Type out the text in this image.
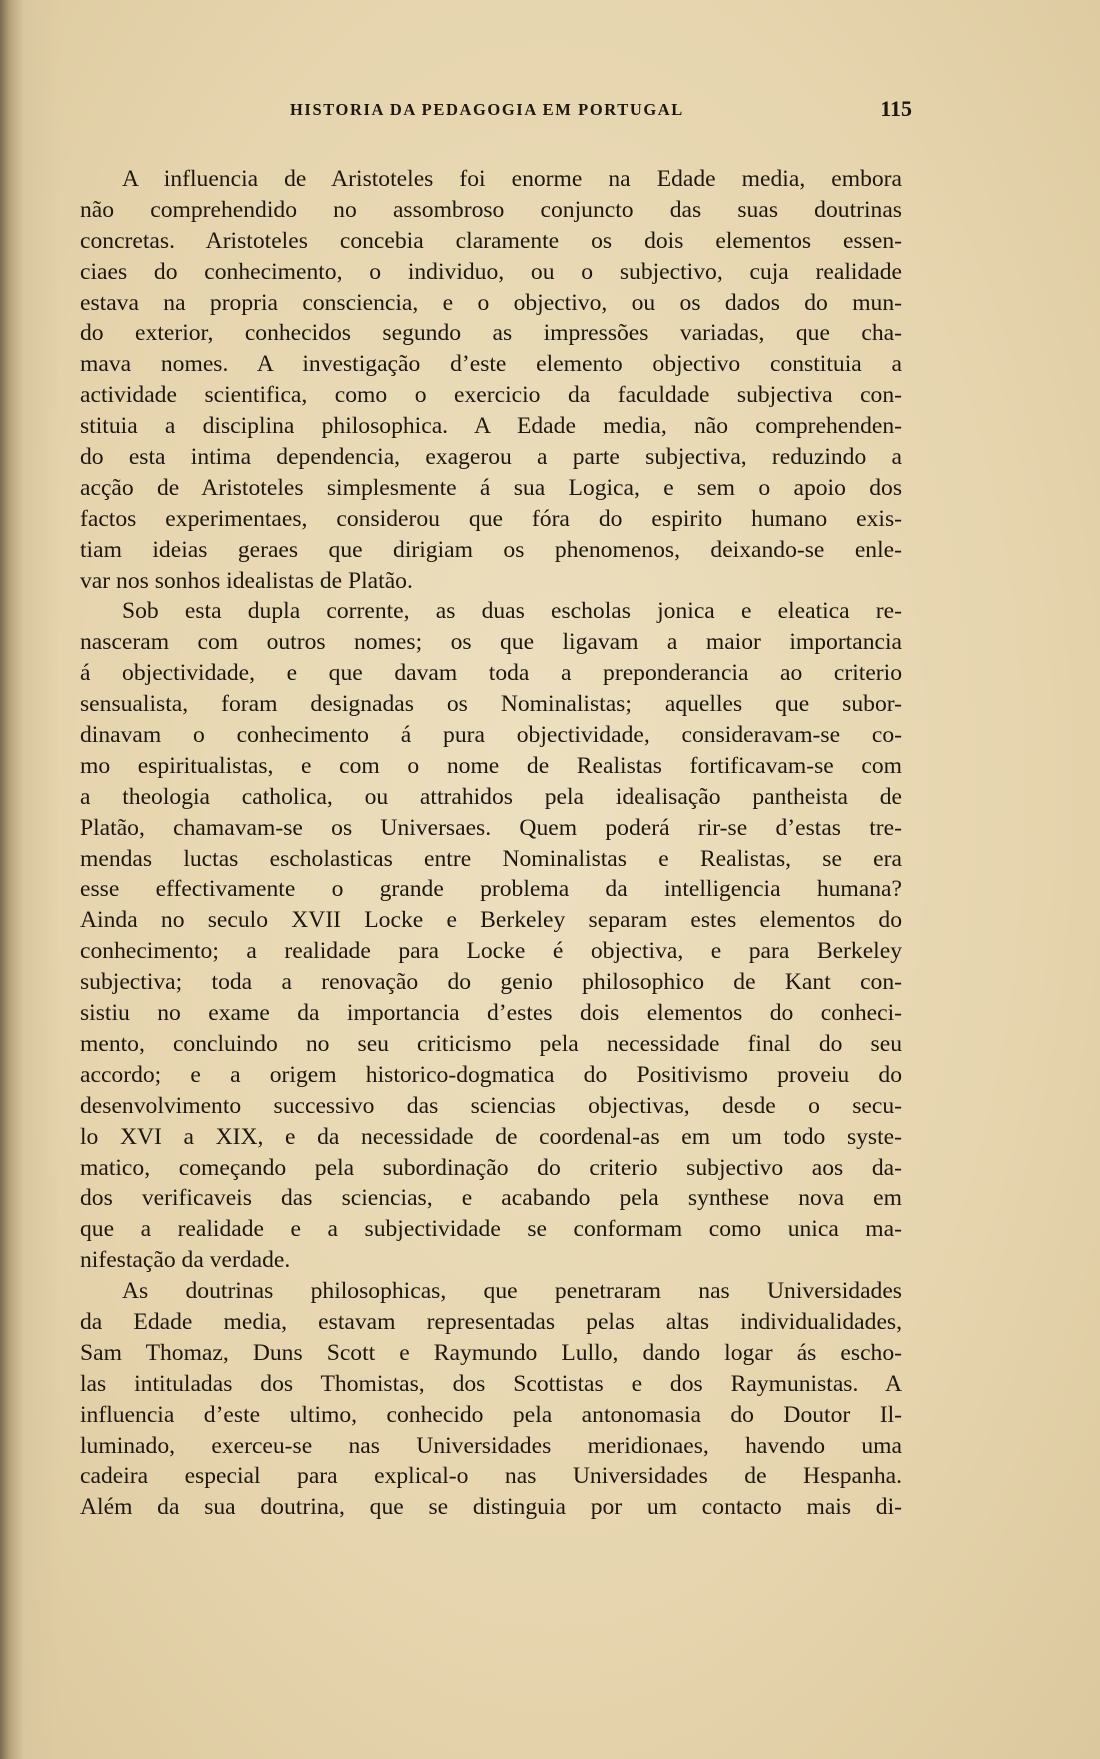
HISTORIA DA PEDAGOGIA EM PORTUGAL	115
A influencia de Aristoteles foi enorme na Edade media, embora
não comprehendido no assombroso conjuncto das suas doutrinas
concretas. Aristoteles concebia claramente os dois elementos essen-
ciaes do conhecimento, o individuo, ou o subjectivo, cuja realidade
estava na propria consciencia, e o objectivo, ou os dados do mun-
do exterior, conhecidos segundo as impressões variadas, que cha-
mava nomes. A investigação d’este elemento objectivo constituia a
actividade scientifica, como o exercicio da faculdade subjectiva con-
stituia a disciplina philosophica. A Edade media, não comprehenden-
do esta intima dependencia, exagerou a parte subjectiva, reduzindo a
acção de Aristoteles simplesmente á sua Logica, e sem o apoio dos
factos experimentaes, considerou que fóra do espirito humano exis-
tiam ideias geraes que dirigiam os phenomenos, deixando-se enle-
var nos sonhos idealistas de Platão.
Sob esta dupla corrente, as duas escholas jonica e eleatica re-
nasceram com outros nomes; os que ligavam a maior importancia
á objectividade, e que davam toda a preponderancia ao criterio
sensualista, foram designadas os Nominalistas; aquelles que subor-
dinavam o conhecimento á pura objectividade, consideravam-se co-
mo espiritualistas, e com o nome de Realistas fortificavam-se com
a theologia catholica, ou attrahidos pela idealisação pantheista de
Platão, chamavam-se os Universaes. Quem poderá rir-se d’estas tre-
mendas luctas escholasticas entre Nominalistas e Realistas, se era
esse effectivamente o grande problema da intelligencia humana?
Ainda no seculo XVII Locke e Berkeley separam estes elementos do
conhecimento; a realidade para Locke é objectiva, e para Berkeley
subjectiva; toda a renovação do genio philosophico de Kant con-
sistiu no exame da importancia d’estes dois elementos do conheci-
mento, concluindo no seu criticismo pela necessidade final do seu
accordo; e a origem historico-dogmatica do Positivismo proveiu do
desenvolvimento successivo das sciencias objectivas, desde o secu-
lo XVI a XIX, e da necessidade de coordenal-as em um todo syste-
matico, começando pela subordinação do criterio subjectivo aos da-
dos verificaveis das sciencias, e acabando pela synthese nova em
que a realidade e a subjectividade se conformam como unica ma-
nifestação da verdade.
As doutrinas philosophicas, que penetraram nas Universidades
da Edade media, estavam representadas pelas altas individualidades,
Sam Thomaz, Duns Scott e Raymundo Lullo, dando logar ás escho-
las intituladas dos Thomistas, dos Scottistas e dos Raymunistas. A
influencia d’este ultimo, conhecido pela antonomasia do Doutor Il-
luminado, exerceu-se nas Universidades meridionaes, havendo uma
cadeira especial para explical-o nas Universidades de Hespanha.
Além da sua doutrina, que se distinguia por um contacto mais di-
